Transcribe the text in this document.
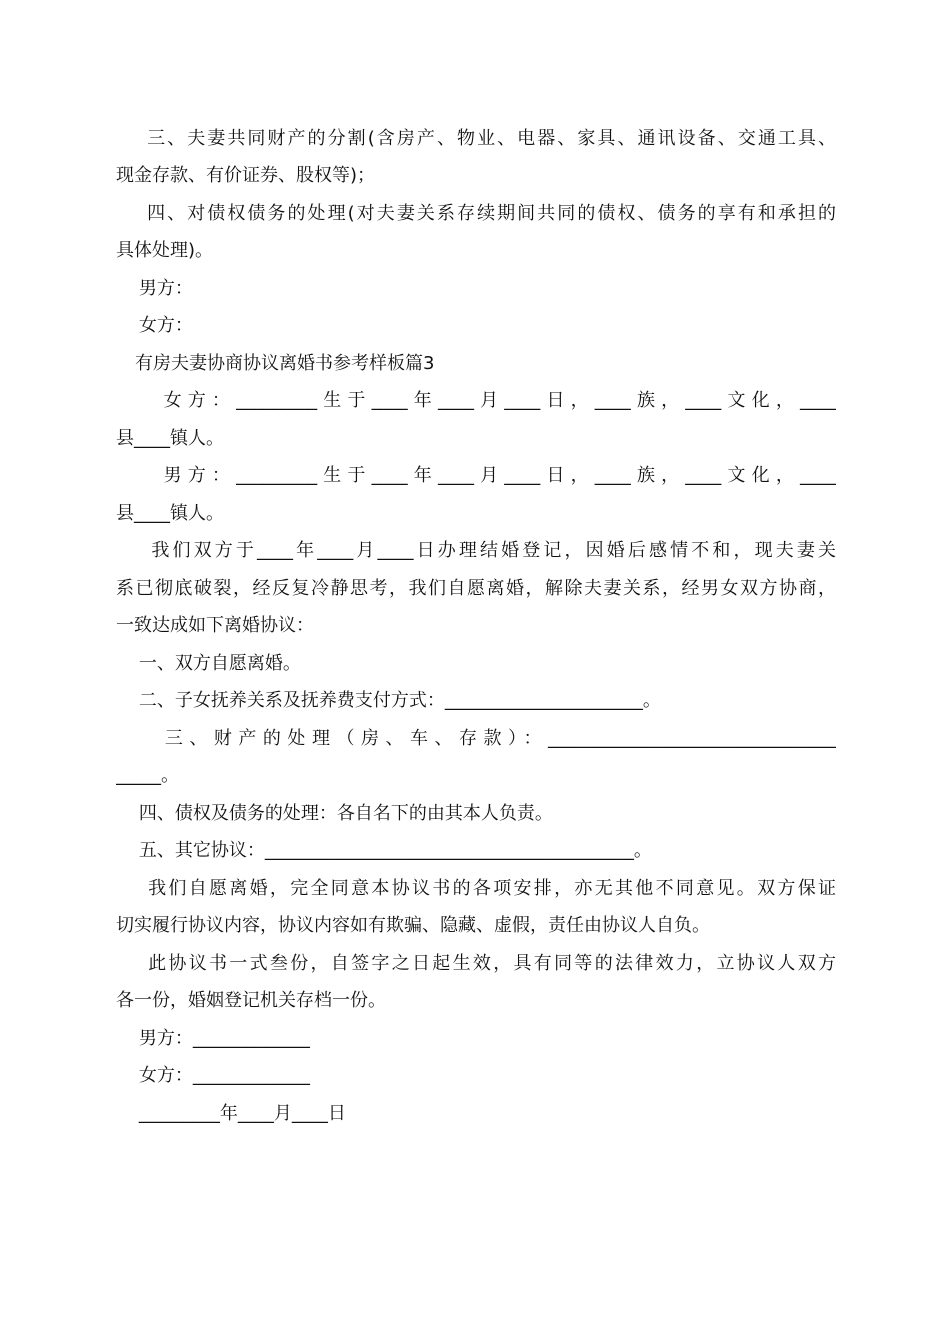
三、夫妻共同财产的分割(含房产、物业、电器、家具、通讯设备、交通工具、
现金存款、有价证券、股权等)；
四、对债权债务的处理(对夫妻关系存续期间共同的债权、债务的享有和承担的
具体处理)。
男方：
女方：
有房夫妻协商协议离婚书参考样板篇3
女方：_________生于____年____月____日，____族，____文化，____
县____镇人。
男方：_________生于____年____月____日，____族，____文化，____
县____镇人。
我们双方于____年____月____日办理结婚登记，因婚后感情不和，现夫妻关
系已彻底破裂，经反复冷静思考，我们自愿离婚，解除夫妻关系，经男女双方协商，
一致达成如下离婚协议：
一、双方自愿离婚。
二、子女抚养关系及抚养费支付方式：______________________。
三、财产的处理（房、车、存款）：________________________________
_____。
四、债权及债务的处理：各自名下的由其本人负责。
五、其它协议：_________________________________________。
我们自愿离婚，完全同意本协议书的各项安排，亦无其他不同意见。双方保证
切实履行协议内容，协议内容如有欺骗、隐藏、虚假，责任由协议人自负。
此协议书一式叁份，自签字之日起生效，具有同等的法律效力，立协议人双方
各一份，婚姻登记机关存档一份。
男方：_____________
女方：_____________
_________年____月____日
